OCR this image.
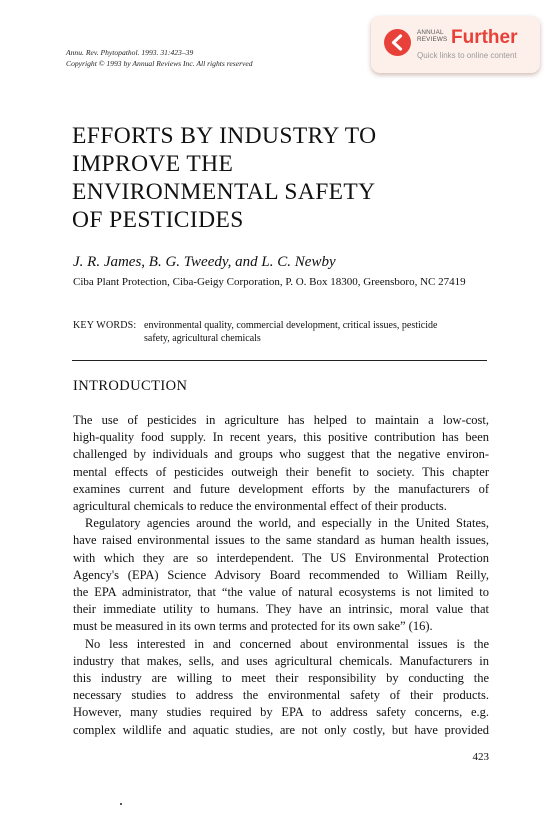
Annu. Rev. Phytopathol. 1993. 31:423–39
Copyright © 1993 by Annual Reviews Inc. All rights reserved
ANNUAL
REVIEWS Further
Quick links to online content
EFFORTS BY INDUSTRY TO
IMPROVE THE
ENVIRONMENTAL SAFETY
OF PESTICIDES
J. R. James, B. G. Tweedy, and L. C. Newby
Ciba Plant Protection, Ciba-Geigy Corporation, P. O. Box 18300, Greensboro, NC 27419
KEY WORDS: environmental quality, commercial development, critical issues, pesticide safety, agricultural chemicals
INTRODUCTION
The use of pesticides in agriculture has helped to maintain a low-cost,
high-quality food supply. In recent years, this positive contribution has been
challenged by individuals and groups who suggest that the negative environ-
mental effects of pesticides outweigh their benefit to society. This chapter
examines current and future development efforts by the manufacturers of
agricultural chemicals to reduce the environmental effect of their products.
Regulatory agencies around the world, and especially in the United States,
have raised environmental issues to the same standard as human health issues,
with which they are so interdependent. The US Environmental Protection
Agency's (EPA) Science Advisory Board recommended to William Reilly,
the EPA administrator, that “the value of natural ecosystems is not limited to
their immediate utility to humans. They have an intrinsic, moral value that
must be measured in its own terms and protected for its own sake” (16).
No less interested in and concerned about environmental issues is the
industry that makes, sells, and uses agricultural chemicals. Manufacturers in
this industry are willing to meet their responsibility by conducting the
necessary studies to address the environmental safety of their products.
However, many studies required by EPA to address safety concerns, e.g.
complex wildlife and aquatic studies, are not only costly, but have provided
423
